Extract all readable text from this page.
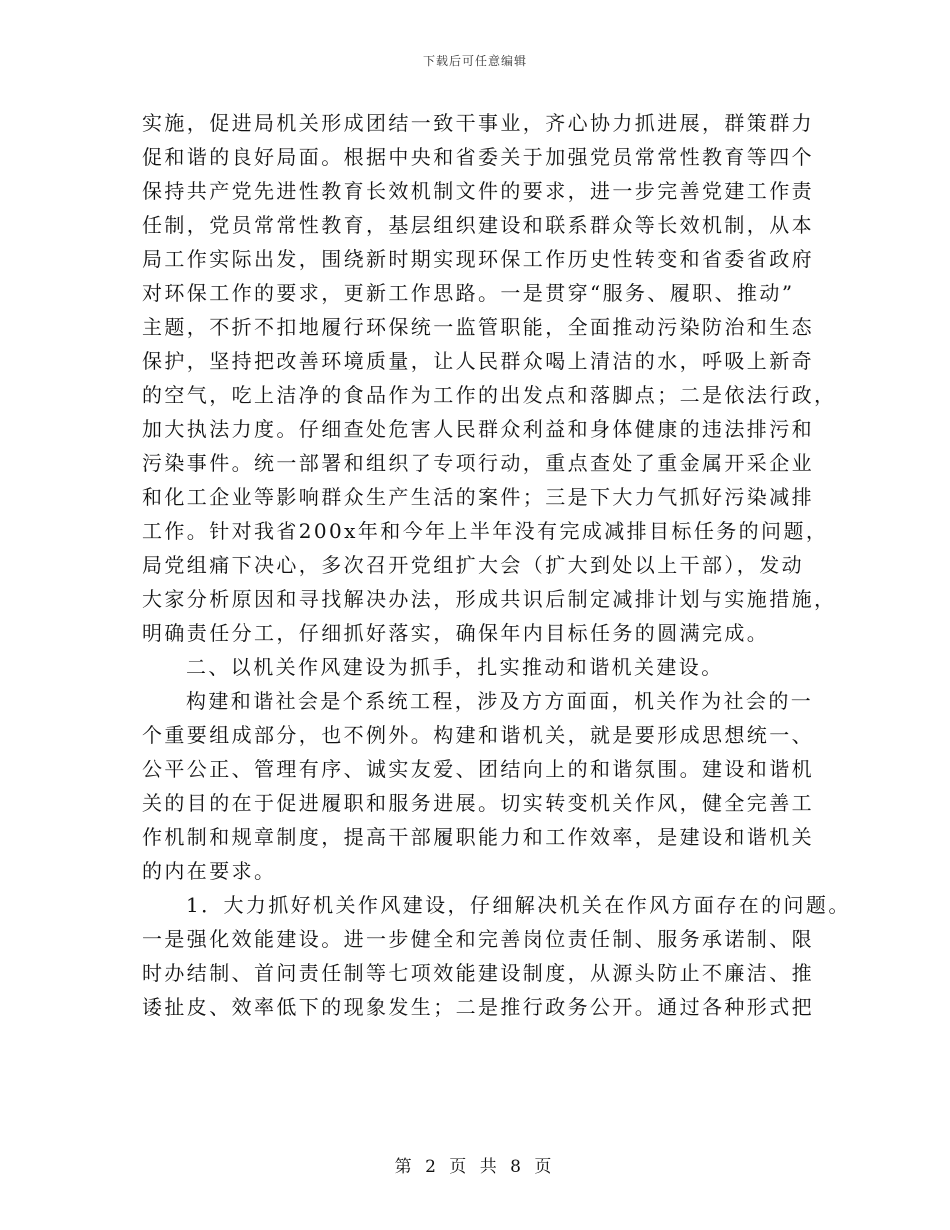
下载后可任意编辑
实施，促进局机关形成团结一致干事业，齐心协力抓进展，群策群力
促和谐的良好局面。根据中央和省委关于加强党员常常性教育等四个
保持共产党先进性教育长效机制文件的要求，进一步完善党建工作责
任制，党员常常性教育，基层组织建设和联系群众等长效机制，从本
局工作实际出发，围绕新时期实现环保工作历史性转变和省委省政府
对环保工作的要求，更新工作思路。一是贯穿“服务、履职、推动”
主题，不折不扣地履行环保统一监管职能，全面推动污染防治和生态
保护，坚持把改善环境质量，让人民群众喝上清洁的水，呼吸上新奇
的空气，吃上洁净的食品作为工作的出发点和落脚点；二是依法行政，
加大执法力度。仔细查处危害人民群众利益和身体健康的违法排污和
污染事件。统一部署和组织了专项行动，重点查处了重金属开采企业
和化工企业等影响群众生产生活的案件；三是下大力气抓好污染减排
工作。针对我省200x年和今年上半年没有完成减排目标任务的问题，
局党组痛下决心，多次召开党组扩大会（扩大到处以上干部），发动
大家分析原因和寻找解决办法，形成共识后制定减排计划与实施措施，
明确责任分工，仔细抓好落实，确保年内目标任务的圆满完成。
二、以机关作风建设为抓手，扎实推动和谐机关建设。
构建和谐社会是个系统工程，涉及方方面面，机关作为社会的一
个重要组成部分，也不例外。构建和谐机关，就是要形成思想统一、
公平公正、管理有序、诚实友爱、团结向上的和谐氛围。建设和谐机
关的目的在于促进履职和服务进展。切实转变机关作风，健全完善工
作机制和规章制度，提高干部履职能力和工作效率，是建设和谐机关
的内在要求。
1．大力抓好机关作风建设，仔细解决机关在作风方面存在的问题。
一是强化效能建设。进一步健全和完善岗位责任制、服务承诺制、限
时办结制、首问责任制等七项效能建设制度，从源头防止不廉洁、推
诿扯皮、效率低下的现象发生；二是推行政务公开。通过各种形式把
第 2 页 共 8 页
